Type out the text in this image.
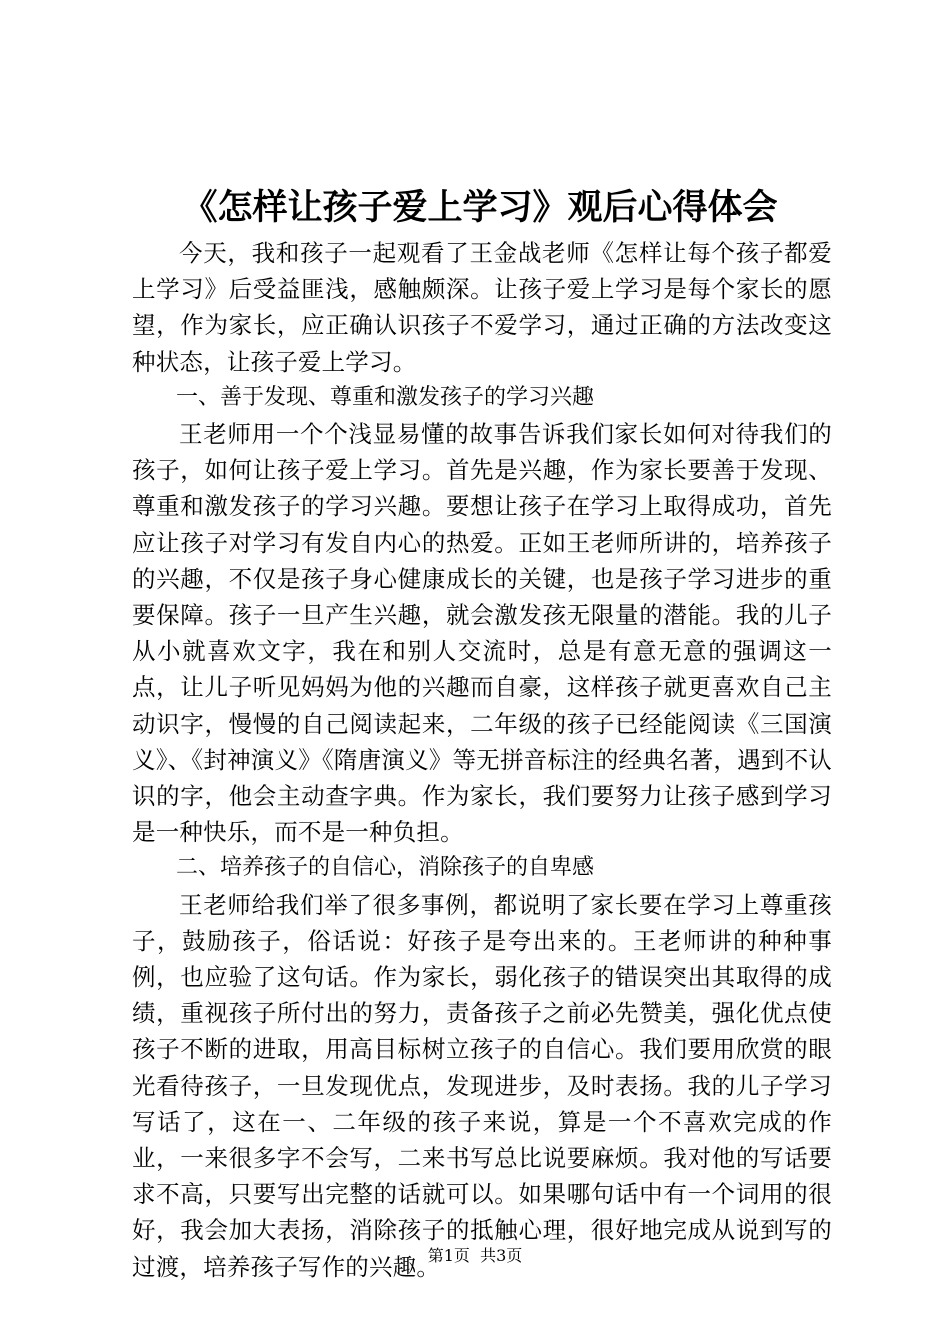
《怎样让孩子爱上学习》观后心得体会

今天，我和孩子一起观看了王金战老师《怎样让每个孩子都爱上学习》后受益匪浅，感触颇深。让孩子爱上学习是每个家长的愿望，作为家长，应正确认识孩子不爱学习，通过正确的方法改变这种状态，让孩子爱上学习。

一、善于发现、尊重和激发孩子的学习兴趣

王老师用一个个浅显易懂的故事告诉我们家长如何对待我们的孩子，如何让孩子爱上学习。首先是兴趣，作为家长要善于发现、尊重和激发孩子的学习兴趣。要想让孩子在学习上取得成功，首先应让孩子对学习有发自内心的热爱。正如王老师所讲的，培养孩子的兴趣，不仅是孩子身心健康成长的关键，也是孩子学习进步的重要保障。孩子一旦产生兴趣，就会激发孩无限量的潜能。我的儿子从小就喜欢文字，我在和别人交流时，总是有意无意的强调这一点，让儿子听见妈妈为他的兴趣而自豪，这样孩子就更喜欢自己主动识字，慢慢的自己阅读起来，二年级的孩子已经能阅读《三国演义》、《封神演义》《隋唐演义》等无拼音标注的经典名著，遇到不认识的字，他会主动查字典。作为家长，我们要努力让孩子感到学习是一种快乐，而不是一种负担。

二、培养孩子的自信心，消除孩子的自卑感

王老师给我们举了很多事例，都说明了家长要在学习上尊重孩子，鼓励孩子，俗话说：好孩子是夸出来的。王老师讲的种种事例，也应验了这句话。作为家长，弱化孩子的错误突出其取得的成绩，重视孩子所付出的努力，责备孩子之前必先赞美，强化优点使孩子不断的进取，用高目标树立孩子的自信心。我们要用欣赏的眼光看待孩子，一旦发现优点，发现进步，及时表扬。我的儿子学习写话了，这在一、二年级的孩子来说，算是一个不喜欢完成的作业，一来很多字不会写，二来书写总比说要麻烦。我对他的写话要求不高，只要写出完整的话就可以。如果哪句话中有一个词用的很好，我会加大表扬，消除孩子的抵触心理，很好地完成从说到写的过渡，培养孩子写作的兴趣。

第1页 共3页
